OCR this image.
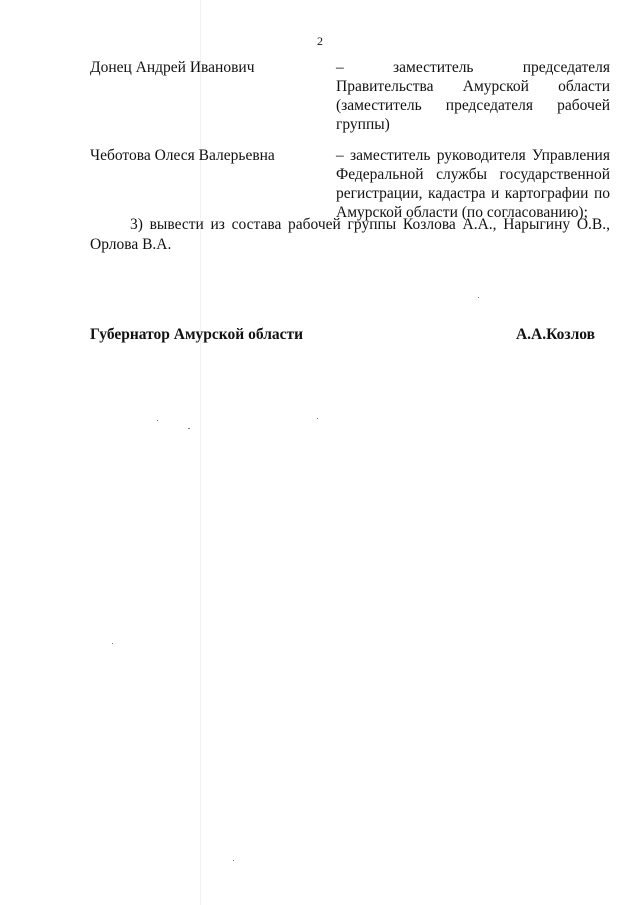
2
Донец Андрей Иванович	– заместитель председателя
Правительства Амурской области
(заместитель председателя рабочей
группы)
Чеботова Олеся Валерьевна	– заместитель руководителя Управления
Федеральной службы государственной
регистрации, кадастра и картографии по
Амурской области (по согласованию);
3) вывести из состава рабочей группы Козлова А.А., Нарыгину О.В.,
Орлова В.А.
Губернатор Амурской области	А.А.Козлов
